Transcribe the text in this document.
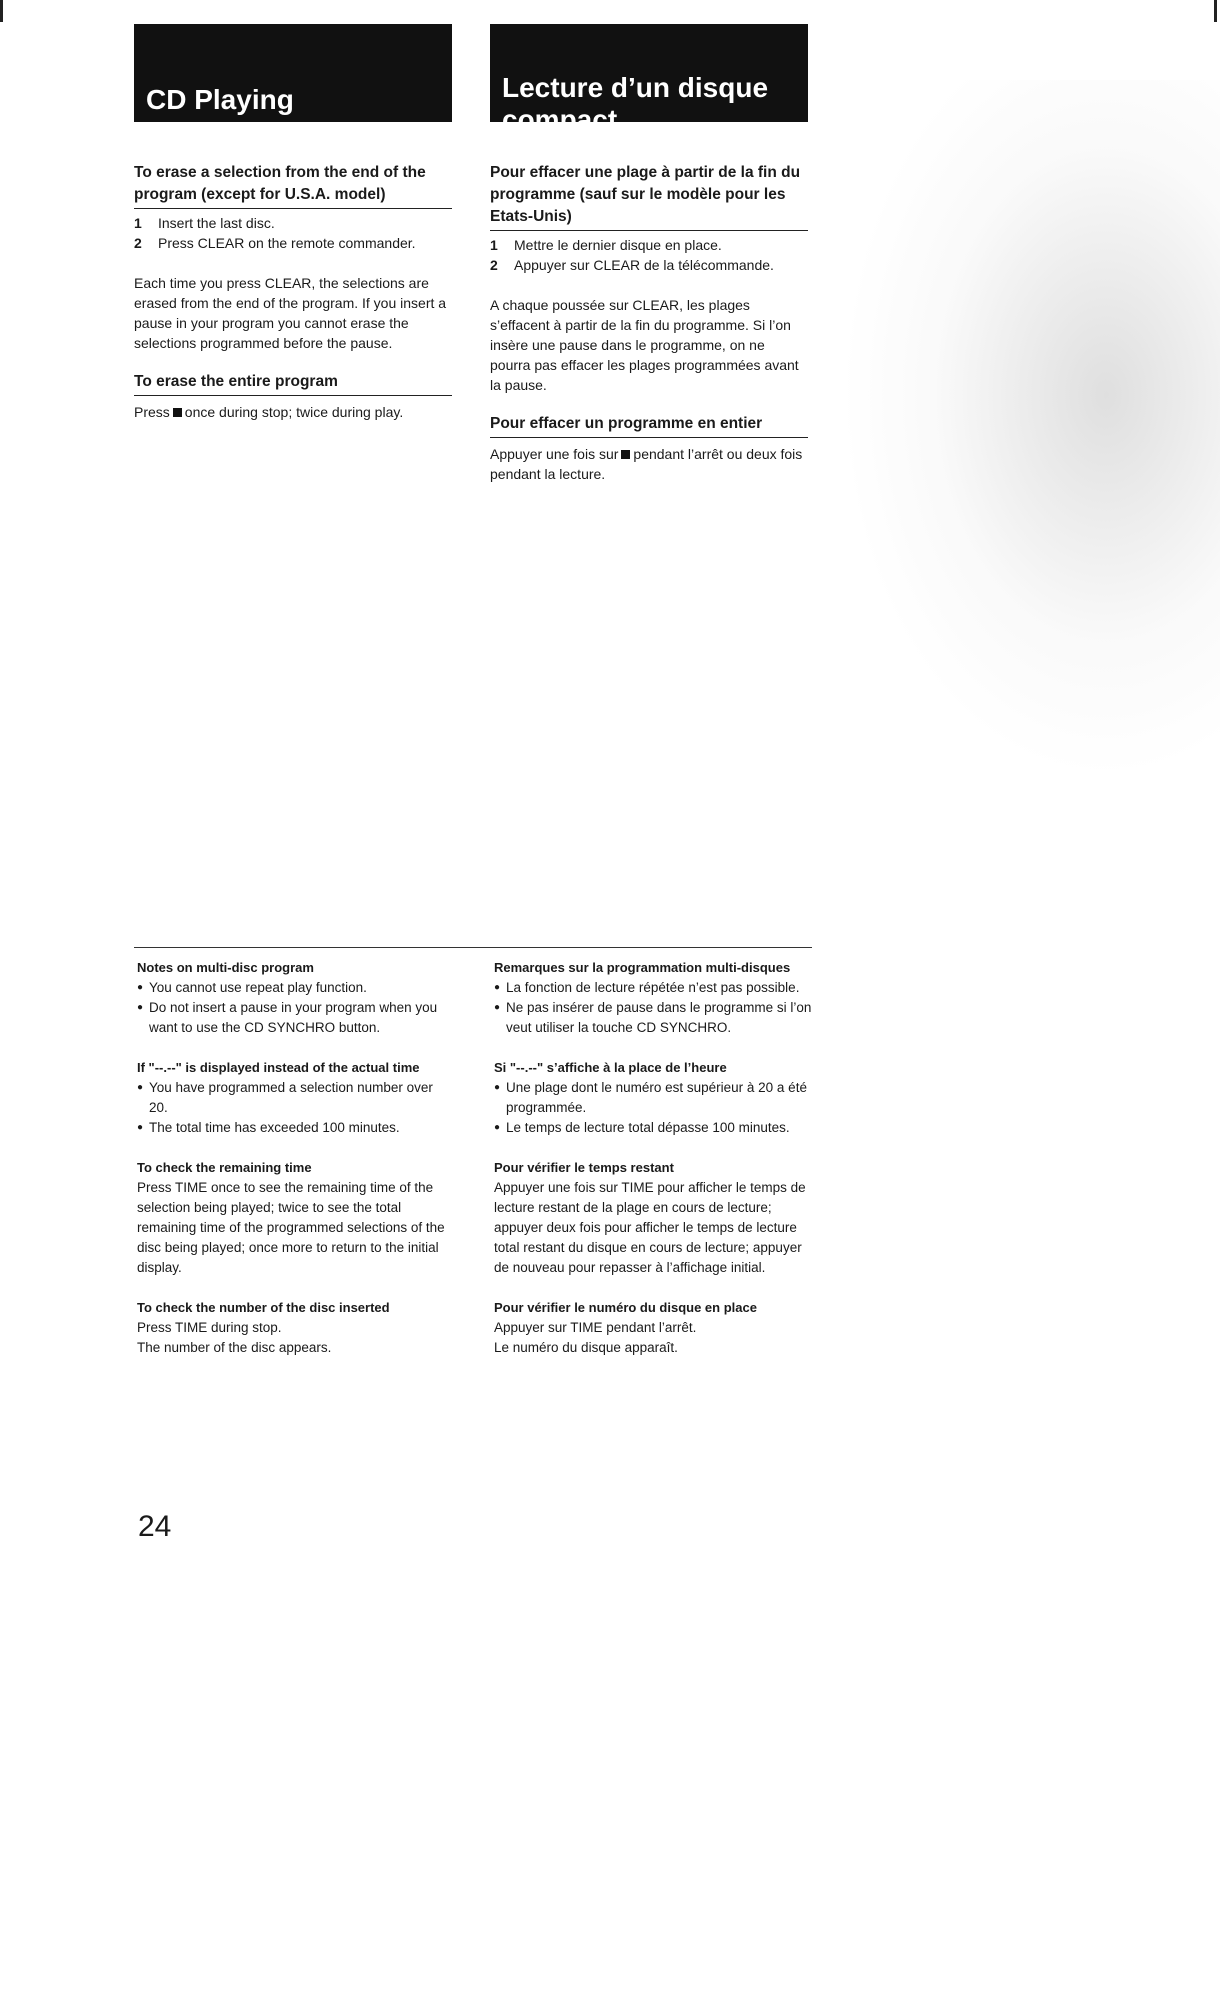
CD Playing	Lecture d’un disque
compact

To erase a selection from the end of the program (except for U.S.A. model)

1 Insert the last disc.
2 Press CLEAR on the remote commander.

Each time you press CLEAR, the selections are erased from the end of the program. If you insert a pause in your program you cannot erase the selections programmed before the pause.

To erase the entire program

Press once during stop; twice during play.

Pour effacer une plage à partir de la fin du programme (sauf sur le modèle pour les Etats-Unis)

1 Mettre le dernier disque en place.
2 Appuyer sur CLEAR de la télécommande.

A chaque poussée sur CLEAR, les plages s’effacent à partir de la fin du programme. Si l’on insère une pause dans le programme, on ne pourra pas effacer les plages programmées avant la pause.

Pour effacer un programme en entier

Appuyer une fois sur pendant l’arrêt ou deux fois pendant la lecture.

Notes on multi-disc program

● You cannot use repeat play function.
● Do not insert a pause in your program when you want to use the CD SYNCHRO button.

If "--.--" is displayed instead of the actual time

● You have programmed a selection number over 20.
● The total time has exceeded 100 minutes.

To check the remaining time

Press TIME once to see the remaining time of the selection being played; twice to see the total remaining time of the programmed selections of the disc being played; once more to return to the initial display.

To check the number of the disc inserted

Press TIME during stop.

The number of the disc appears.

Remarques sur la programmation multi-disques

● La fonction de lecture répétée n’est pas possible.
● Ne pas insérer de pause dans le programme si l’on veut utiliser la touche CD SYNCHRO.

Si "--.--" s’affiche à la place de l’heure

● Une plage dont le numéro est supérieur à 20 a été programmée.
● Le temps de lecture total dépasse 100 minutes.

Pour vérifier le temps restant

Appuyer une fois sur TIME pour afficher le temps de lecture restant de la plage en cours de lecture; appuyer deux fois pour afficher le temps de lecture total restant du disque en cours de lecture; appuyer de nouveau pour repasser à l’affichage initial.

Pour vérifier le numéro du disque en place

Appuyer sur TIME pendant l’arrêt.

Le numéro du disque apparaît.

24
